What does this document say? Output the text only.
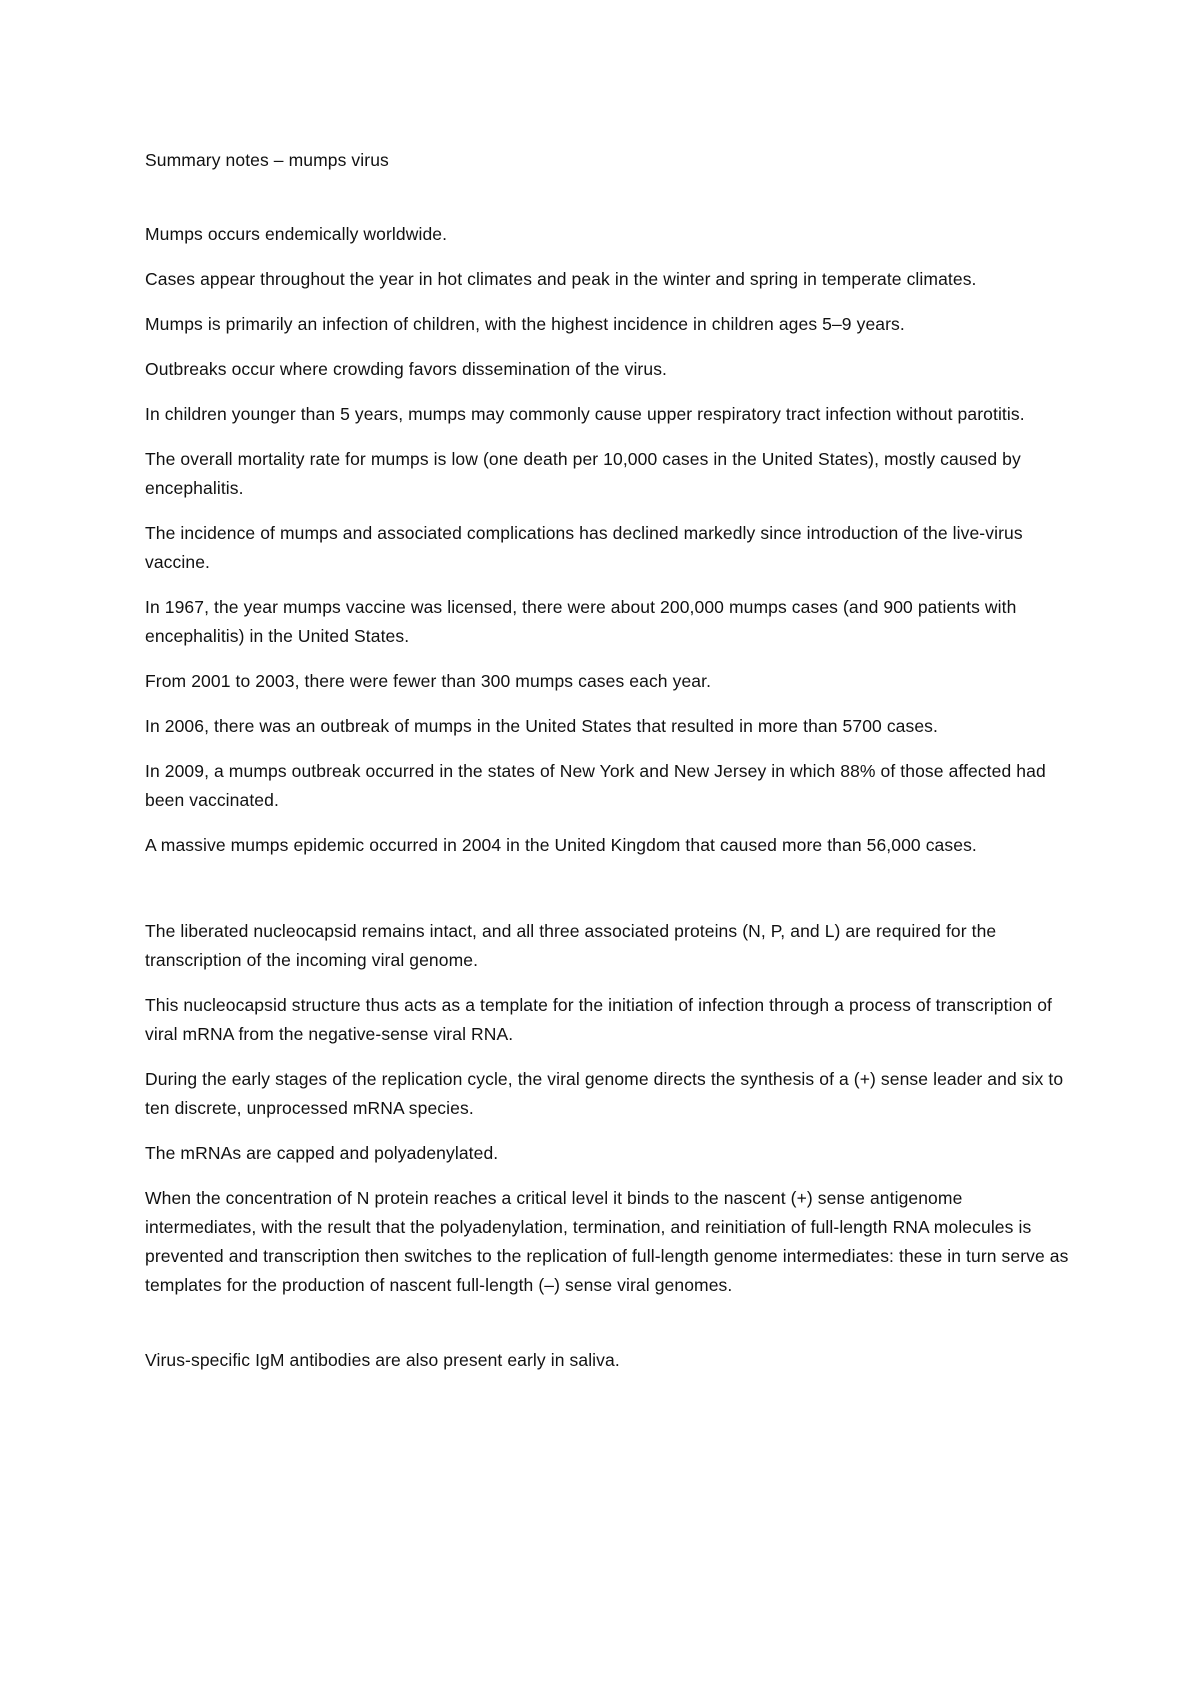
Summary notes – mumps virus

Mumps occurs endemically worldwide.

Cases appear throughout the year in hot climates and peak in the winter and spring in temperate climates.

Mumps is primarily an infection of children, with the highest incidence in children ages 5–9 years.

Outbreaks occur where crowding favors dissemination of the virus.

In children younger than 5 years, mumps may commonly cause upper respiratory tract infection without parotitis.

The overall mortality rate for mumps is low (one death per 10,000 cases in the United States), mostly caused by encephalitis.

The incidence of mumps and associated complications has declined markedly since introduction of the live-virus vaccine.

In 1967, the year mumps vaccine was licensed, there were about 200,000 mumps cases (and 900 patients with encephalitis) in the United States.

From 2001 to 2003, there were fewer than 300 mumps cases each year.

In 2006, there was an outbreak of mumps in the United States that resulted in more than 5700 cases.

In 2009, a mumps outbreak occurred in the states of New York and New Jersey in which 88% of those affected had been vaccinated.

A massive mumps epidemic occurred in 2004 in the United Kingdom that caused more than 56,000 cases.

The liberated nucleocapsid remains intact, and all three associated proteins (N, P, and L) are required for the transcription of the incoming viral genome.

This nucleocapsid structure thus acts as a template for the initiation of infection through a process of transcription of viral mRNA from the negative-sense viral RNA.

During the early stages of the replication cycle, the viral genome directs the synthesis of a (+) sense leader and six to ten discrete, unprocessed mRNA species.

The mRNAs are capped and polyadenylated.

When the concentration of N protein reaches a critical level it binds to the nascent (+) sense antigenome intermediates, with the result that the polyadenylation, termination, and reinitiation of full-length RNA molecules is prevented and transcription then switches to the replication of full-length genome intermediates: these in turn serve as templates for the production of nascent full-length (–) sense viral genomes.

Virus-specific IgM antibodies are also present early in saliva.
